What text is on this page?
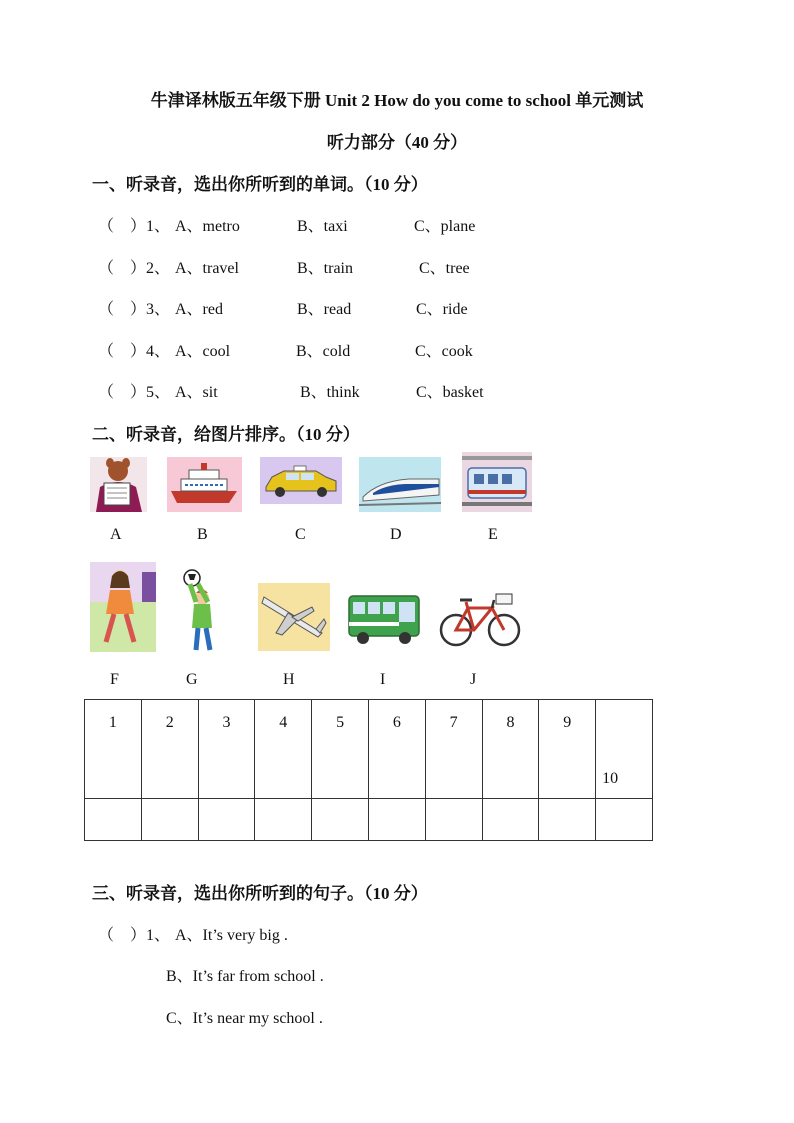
牛津译林版五年级下册 Unit 2 How do you come to school 单元测试
听力部分（40 分）
一、听录音，选出你所听到的单词。（10 分）
（　）1、 A、metro	B、taxi	C、plane
（　）2、 A、travel	B、train	C、tree
（　）3、 A、red	B、read	C、ride
（　）4、 A、cool	B、cold	C、cook
（　）5、 A、sit	B、think	C、basket
二、听录音，给图片排序。（10 分）
A	B	C	D	E
F	G	H	I	J
1	2	3	4	5	6	7	8	9	10

三、听录音，选出你所听到的句子。（10 分）
（　）1、 A、It’s very big .
B、It’s far from school .
C、It’s near my school .
